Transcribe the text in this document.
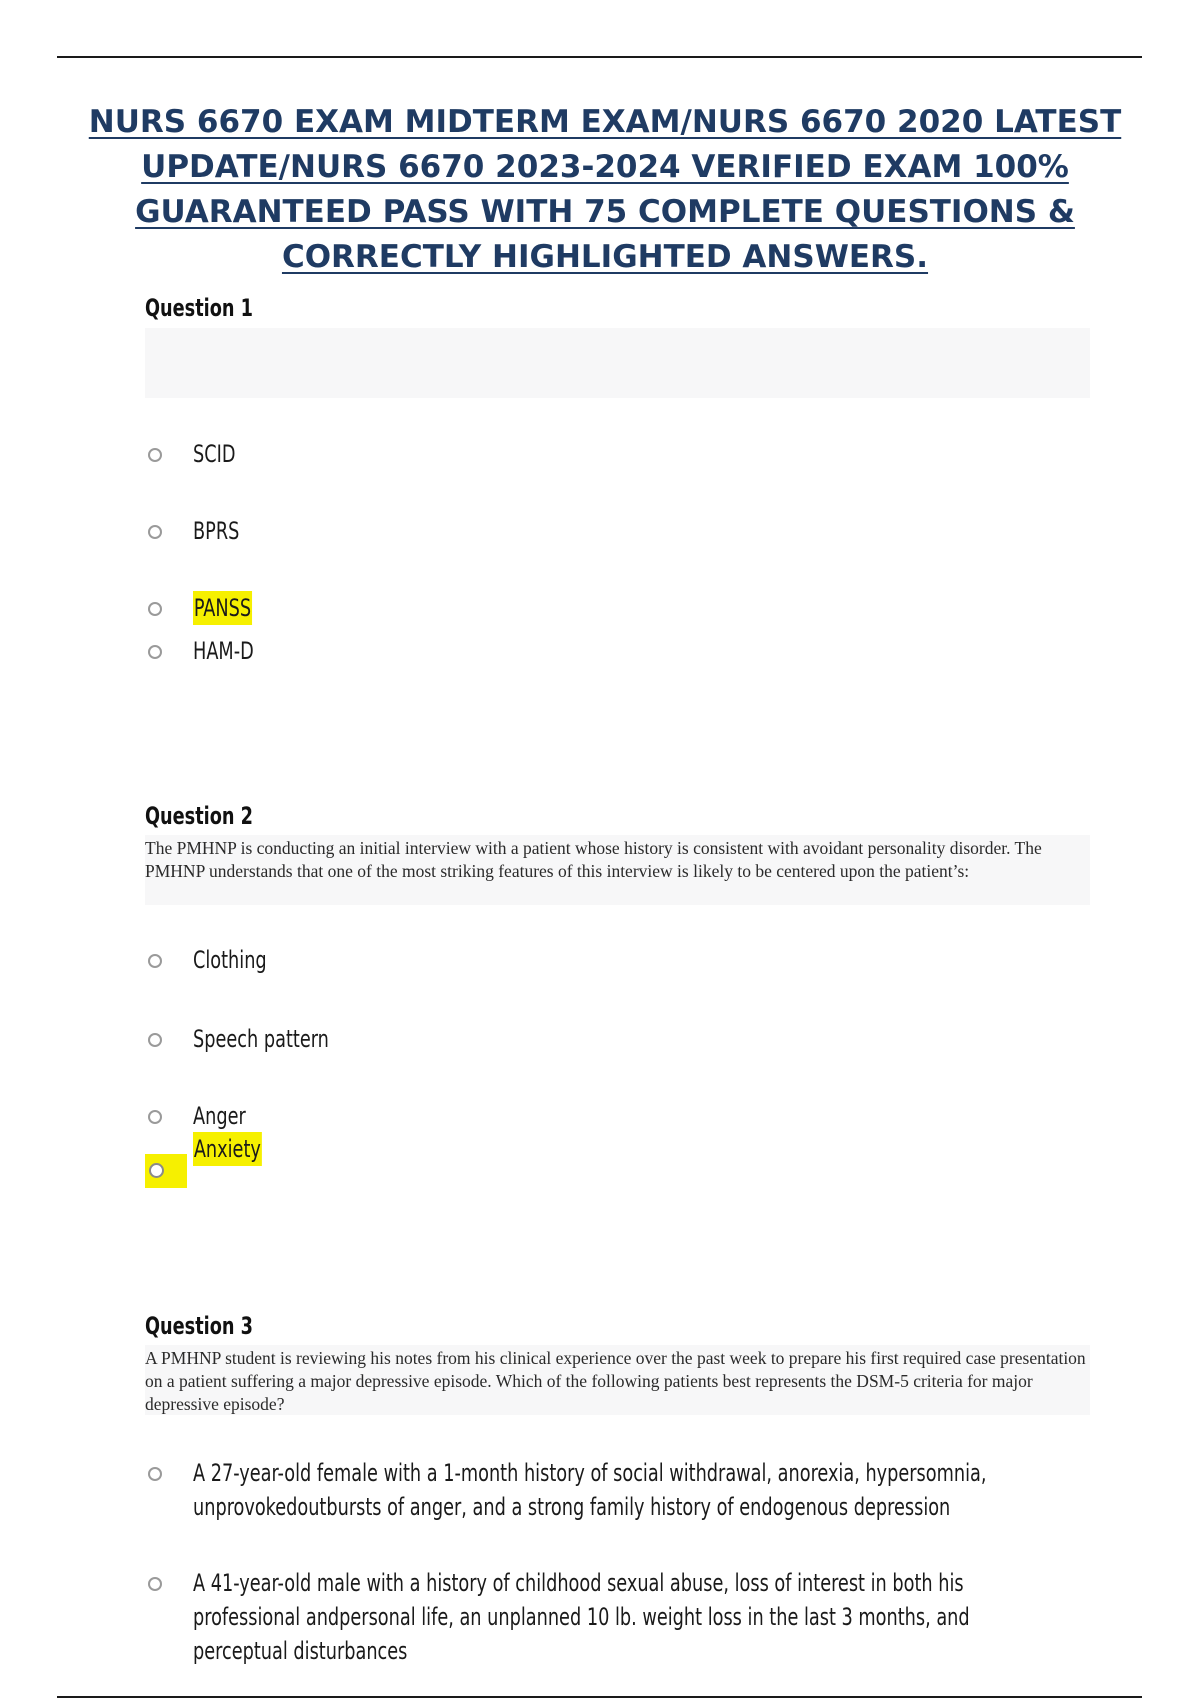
NURS 6670 EXAM MIDTERM EXAM/NURS 6670 2020 LATEST
UPDATE/NURS 6670 2023-2024 VERIFIED EXAM 100%
GUARANTEED PASS WITH 75 COMPLETE QUESTIONS &
CORRECTLY HIGHLIGHTED ANSWERS.
Question 1
SCID
BPRS
PANSS
HAM-D
Question 2
The PMHNP is conducting an initial interview with a patient whose history is consistent with avoidant personality disorder. The PMHNP understands that one of the most striking features of this interview is likely to be centered upon the patient’s:
Clothing
Speech pattern
Anger
Anxiety
Question 3
A PMHNP student is reviewing his notes from his clinical experience over the past week to prepare his first required case presentation on a patient suffering a major depressive episode. Which of the following patients best represents the DSM-5 criteria for major depressive episode?
A 27-year-old female with a 1-month history of social withdrawal, anorexia, hypersomnia,
unprovokedoutbursts of anger, and a strong family history of endogenous depression
A 41-year-old male with a history of childhood sexual abuse, loss of interest in both his
professional andpersonal life, an unplanned 10 lb. weight loss in the last 3 months, and
perceptual disturbances
